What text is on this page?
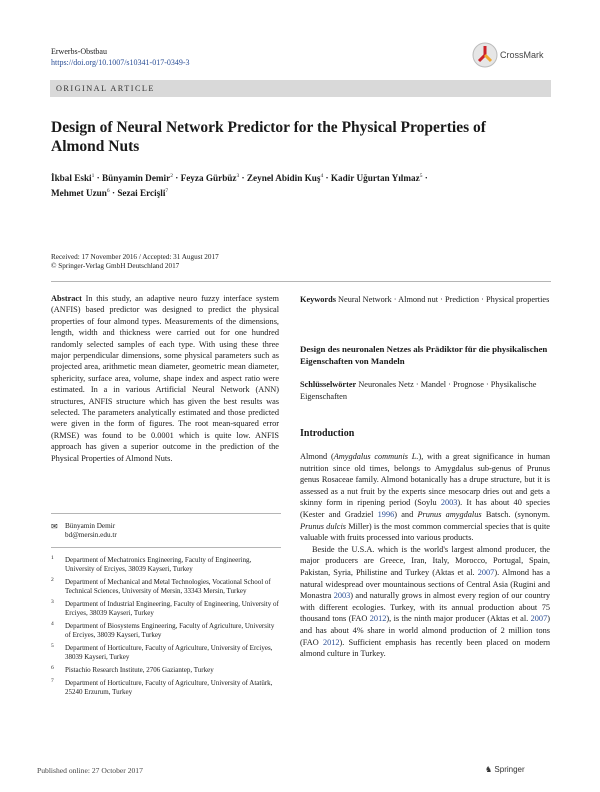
Erwerbs-Obstbau
https://doi.org/10.1007/s10341-017-0349-3
CrossMark
ORIGINAL ARTICLE
Design of Neural Network Predictor for the Physical Properties of Almond Nuts
İkbal Eski$^1$ · Bünyamin Demir$^2$ · Feyza Gürbüz$^3$ · Zeynel Abidin Kuş$^4$ · Kadir Uğurtan Yılmaz$^5$ ·
Mehmet Uzun$^6$ · Sezai Ercişli$^7$
Received: 17 November 2016 / Accepted: 31 August 2017
© Springer-Verlag GmbH Deutschland 2017
Abstract In this study, an adaptive neuro fuzzy interface system (ANFIS) based predictor was designed to predict the physical properties of four almond types. Measurements of the dimensions, length, width and thickness were carried out for one hundred randomly selected samples of each type. With using these three major perpendicular dimensions, some physical parameters such as projected area, arithmetic mean diameter, geometric mean diameter, sphericity, surface area, volume, shape index and aspect ratio were estimated. In a in various Artificial Neural Network (ANN) structures, ANFIS structure which has given the best results was selected. The parameters analytically estimated and those predicted were given in the form of figures. The root mean-squared error (RMSE) was found to be 0.0001 which is quite low. ANFIS approach has given a superior outcome in the prediction of the Physical Properties of Almond Nuts.
Keywords Neural Network · Almond nut · Prediction · Physical properties
Design des neuronalen Netzes als Prädiktor für die physikalischen Eigenschaften von Mandeln
Schlüsselwörter Neuronales Netz · Mandel · Prognose · Physikalische Eigenschaften
Introduction

Almond (Amygdalus communis L.), with a great significance in human nutrition since old times, belongs to Amygdalus sub-genus of Prunus genus Rosaceae family. Almond botanically has a drupe structure, but it is assessed as a nut fruit by the experts since mesocarp dries out and gets a skinny form in ripening period (Soylu 2003). It has about 40 species (Kester and Gradziel 1996) and Prunus amygdalus Batsch. (synonym. Prunus dulcis Miller) is the most common commercial species that is quite valuable with fruits processed into various products.

Beside the U.S.A. which is the world's largest almond producer, the major producers are Greece, Iran, Italy, Morocco, Portugal, Spain, Pakistan, Syria, Philistine and Turkey (Aktas et al. 2007). Almond has a natural widespread over mountainous sections of Central Asia (Rugini and Monastra 2003) and naturally grows in almost every region of our country with different ecologies. Turkey, with its annual production about 75 thousand tons (FAO 2012), is the ninth major producer (Aktas et al. 2007) and has about 4% share in world almond production of 2 million tons (FAO 2012). Sufficient emphasis has recently been placed on modern almond culture in Turkey.

✉ Bünyamin Demir
bd@mersin.edu.tr
1 Department of Mechatronics Engineering, Faculty of Engineering, University of Erciyes, 38039 Kayseri, Turkey
2 Department of Mechanical and Metal Technologies, Vocational School of Technical Sciences, University of Mersin, 33343 Mersin, Turkey
3 Department of Industrial Engineering, Faculty of Engineering, University of Erciyes, 38039 Kayseri, Turkey
4 Department of Biosystems Engineering, Faculty of Agriculture, University of Erciyes, 38039 Kayseri, Turkey
5 Department of Horticulture, Faculty of Agriculture, University of Erciyes, 38039 Kayseri, Turkey
6 Pistachio Research Institute, 2706 Gaziantep, Turkey
7 Department of Horticulture, Faculty of Agriculture, University of Atatürk, 25240 Erzurum, Turkey
Published online: 27 October 2017	♞ Springer
